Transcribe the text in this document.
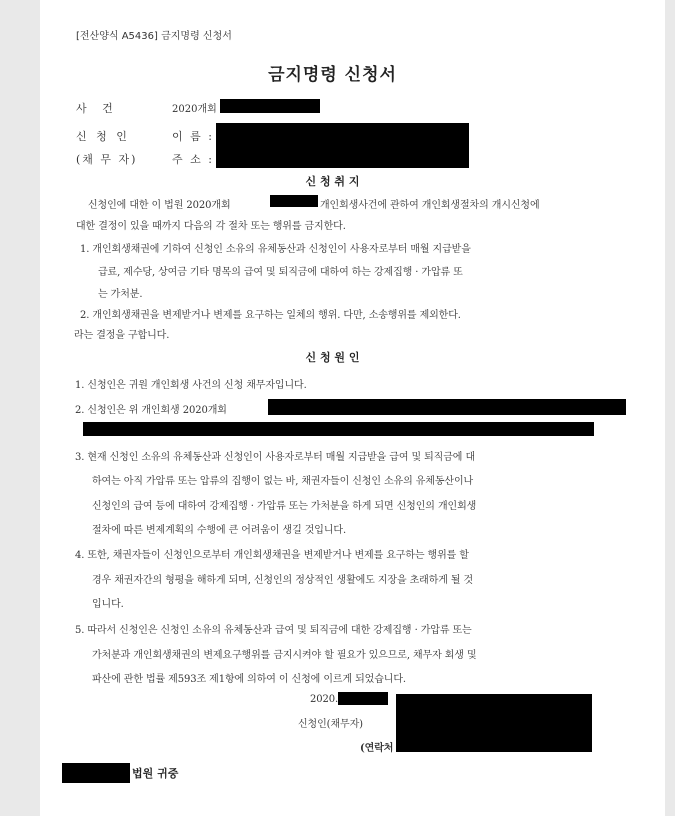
[전산양식 A5436] 금지명령 신청서
금지명령 신청서
사 건	2020개회
신 청 인
(채 무 자)
이 름 :
주 소 :
신 청 취 지
신청인에 대한 이 법원 2020개회	개인회생사건에 관하여 개인회생절차의 개시신청에
대한 결정이 있을 때까지 다음의 각 절차 또는 행위를 금지한다.
1. 개인회생채권에 기하여 신청인 소유의 유체동산과 신청인이 사용자로부터 매월 지급받을
급료, 제수당, 상여금 기타 명목의 급여 및 퇴직금에 대하여 하는 강제집행 · 가압류 또
는 가처분.
2. 개인회생채권을 변제받거나 변제를 요구하는 일체의 행위. 다만, 소송행위를 제외한다.
라는 결정을 구합니다.
신 청 원 인
1. 신청인은 귀원 개인회생 사건의 신청 채무자입니다.
2. 신청인은 위 개인회생 2020개회
3. 현재 신청인 소유의 유체동산과 신청인이 사용자로부터 매월 지급받을 급여 및 퇴직금에 대
하여는 아직 가압류 또는 압류의 집행이 없는 바, 채권자들이 신청인 소유의 유체동산이나
신청인의 급여 등에 대하여 강제집행 · 가압류 또는 가처분을 하게 되면 신청인의 개인회생
절차에 따른 변제계획의 수행에 큰 어려움이 생길 것입니다.
4. 또한, 채권자들이 신청인으로부터 개인회생채권을 변제받거나 변제를 요구하는 행위를 할
경우 채권자간의 형평을 해하게 되며, 신청인의 정상적인 생활에도 지장을 초래하게 될 것
입니다.
5. 따라서 신청인은 신청인 소유의 유체동산과 급여 및 퇴직금에 대한 강제집행 · 가압류 또는
가처분과 개인회생채권의 변제요구행위를 금지시켜야 할 필요가 있으므로, 채무자 회생 및
파산에 관한 법률 제593조 제1항에 의하여 이 신청에 이르게 되었습니다.
2020.
신청인(채무자)
(연락처
법원 귀중
